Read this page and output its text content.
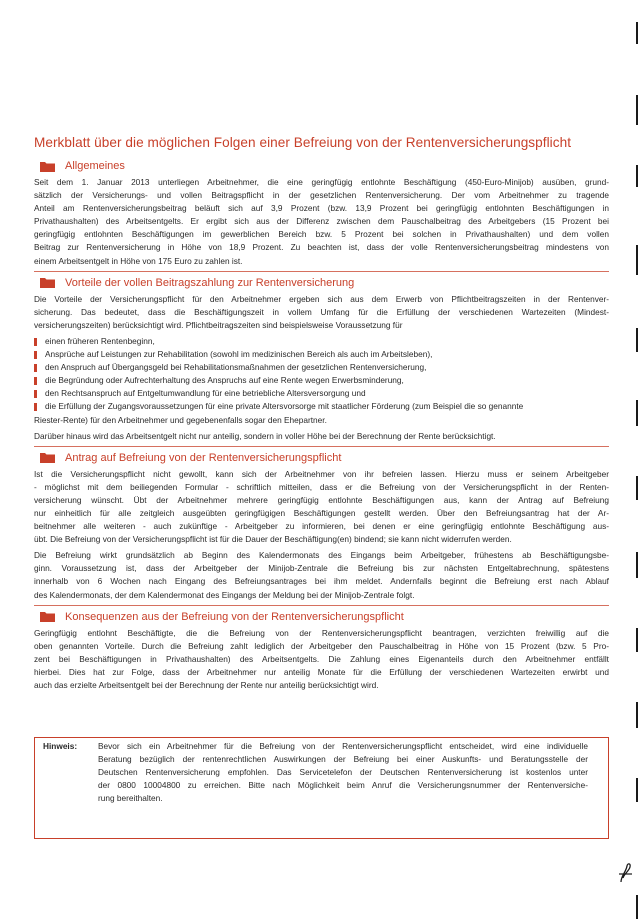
Merkblatt über die möglichen Folgen einer Befreiung von der Rentenversicherungspflicht
Allgemeines
Seit dem 1. Januar 2013 unterliegen Arbeitnehmer, die eine geringfügig entlohnte Beschäftigung (450-Euro-Minijob) ausüben, grund-
sätzlich der Versicherungs- und vollen Beitragspflicht in der gesetzlichen Rentenversicherung. Der vom Arbeitnehmer zu tragende
Anteil am Rentenversicherungsbeitrag beläuft sich auf 3,9 Prozent (bzw. 13,9 Prozent bei geringfügig entlohnten Beschäftigungen in
Privathaushalten) des Arbeitsentgelts. Er ergibt sich aus der Differenz zwischen dem Pauschalbeitrag des Arbeitgebers (15 Prozent bei
geringfügig entlohnten Beschäftigungen im gewerblichen Bereich bzw. 5 Prozent bei solchen in Privathaushalten) und dem vollen
Beitrag zur Rentenversicherung in Höhe von 18,9 Prozent. Zu beachten ist, dass der volle Rentenversicherungsbeitrag mindestens von
einem Arbeitsentgelt in Höhe von 175 Euro zu zahlen ist.
Vorteile der vollen Beitragszahlung zur Rentenversicherung
Die Vorteile der Versicherungspflicht für den Arbeitnehmer ergeben sich aus dem Erwerb von Pflichtbeitragszeiten in der Rentenver-
sicherung. Das bedeutet, dass die Beschäftigungszeit in vollem Umfang für die Erfüllung der verschiedenen Wartezeiten (Mindest-
versicherungszeiten) berücksichtigt wird. Pflichtbeitragszeiten sind beispielsweise Voraussetzung für
einen früheren Rentenbeginn,
Ansprüche auf Leistungen zur Rehabilitation (sowohl im medizinischen Bereich als auch im Arbeitsleben),
den Anspruch auf Übergangsgeld bei Rehabilitationsmaßnahmen der gesetzlichen Rentenversicherung,
die Begründung oder Aufrechterhaltung des Anspruchs auf eine Rente wegen Erwerbsminderung,
den Rechtsanspruch auf Entgeltumwandlung für eine betriebliche Altersversorgung und
die Erfüllung der Zugangsvoraussetzungen für eine private Altersvorsorge mit staatlicher Förderung (zum Beispiel die so genannte
Riester-Rente) für den Arbeitnehmer und gegebenenfalls sogar den Ehepartner.
Darüber hinaus wird das Arbeitsentgelt nicht nur anteilig, sondern in voller Höhe bei der Berechnung der Rente berücksichtigt.
Antrag auf Befreiung von der Rentenversicherungspflicht
Ist die Versicherungspflicht nicht gewollt, kann sich der Arbeitnehmer von ihr befreien lassen. Hierzu muss er seinem Arbeitgeber
- möglichst mit dem beiliegenden Formular - schriftlich mitteilen, dass er die Befreiung von der Versicherungspflicht in der Renten-
versicherung wünscht. Übt der Arbeitnehmer mehrere geringfügig entlohnte Beschäftigungen aus, kann der Antrag auf Befreiung
nur einheitlich für alle zeitgleich ausgeübten geringfügigen Beschäftigungen gestellt werden. Über den Befreiungsantrag hat der Ar-
beitnehmer alle weiteren - auch zukünftige - Arbeitgeber zu informieren, bei denen er eine geringfügig entlohnte Beschäftigung aus-
übt. Die Befreiung von der Versicherungspflicht ist für die Dauer der Beschäftigung(en) bindend; sie kann nicht widerrufen werden.
Die Befreiung wirkt grundsätzlich ab Beginn des Kalendermonats des Eingangs beim Arbeitgeber, frühestens ab Beschäftigungsbe-
ginn. Voraussetzung ist, dass der Arbeitgeber der Minijob-Zentrale die Befreiung bis zur nächsten Entgeltabrechnung, spätestens
innerhalb von 6 Wochen nach Eingang des Befreiungsantrages bei ihm meldet. Andernfalls beginnt die Befreiung erst nach Ablauf
des Kalendermonats, der dem Kalendermonat des Eingangs der Meldung bei der Minijob-Zentrale folgt.
Konsequenzen aus der Befreiung von der Rentenversicherungspflicht
Geringfügig entlohnt Beschäftigte, die die Befreiung von der Rentenversicherungspflicht beantragen, verzichten freiwillig auf die
oben genannten Vorteile. Durch die Befreiung zahlt lediglich der Arbeitgeber den Pauschalbeitrag in Höhe von 15 Prozent (bzw. 5 Pro-
zent bei Beschäftigungen in Privathaushalten) des Arbeitsentgelts. Die Zahlung eines Eigenanteils durch den Arbeitnehmer entfällt
hierbei. Dies hat zur Folge, dass der Arbeitnehmer nur anteilig Monate für die Erfüllung der verschiedenen Wartezeiten erwirbt und
auch das erzielte Arbeitsentgelt bei der Berechnung der Rente nur anteilig berücksichtigt wird.
Hinweis:	Bevor sich ein Arbeitnehmer für die Befreiung von der Rentenversicherungspflicht entscheidet, wird eine individuelle
Beratung bezüglich der rentenrechtlichen Auswirkungen der Befreiung bei einer Auskunfts- und Beratungsstelle der
Deutschen Rentenversicherung empfohlen. Das Servicetelefon der Deutschen Rentenversicherung ist kostenlos unter
der 0800 10004800 zu erreichen. Bitte nach Möglichkeit beim Anruf die Versicherungsnummer der Rentenversiche-
rung bereithalten.
